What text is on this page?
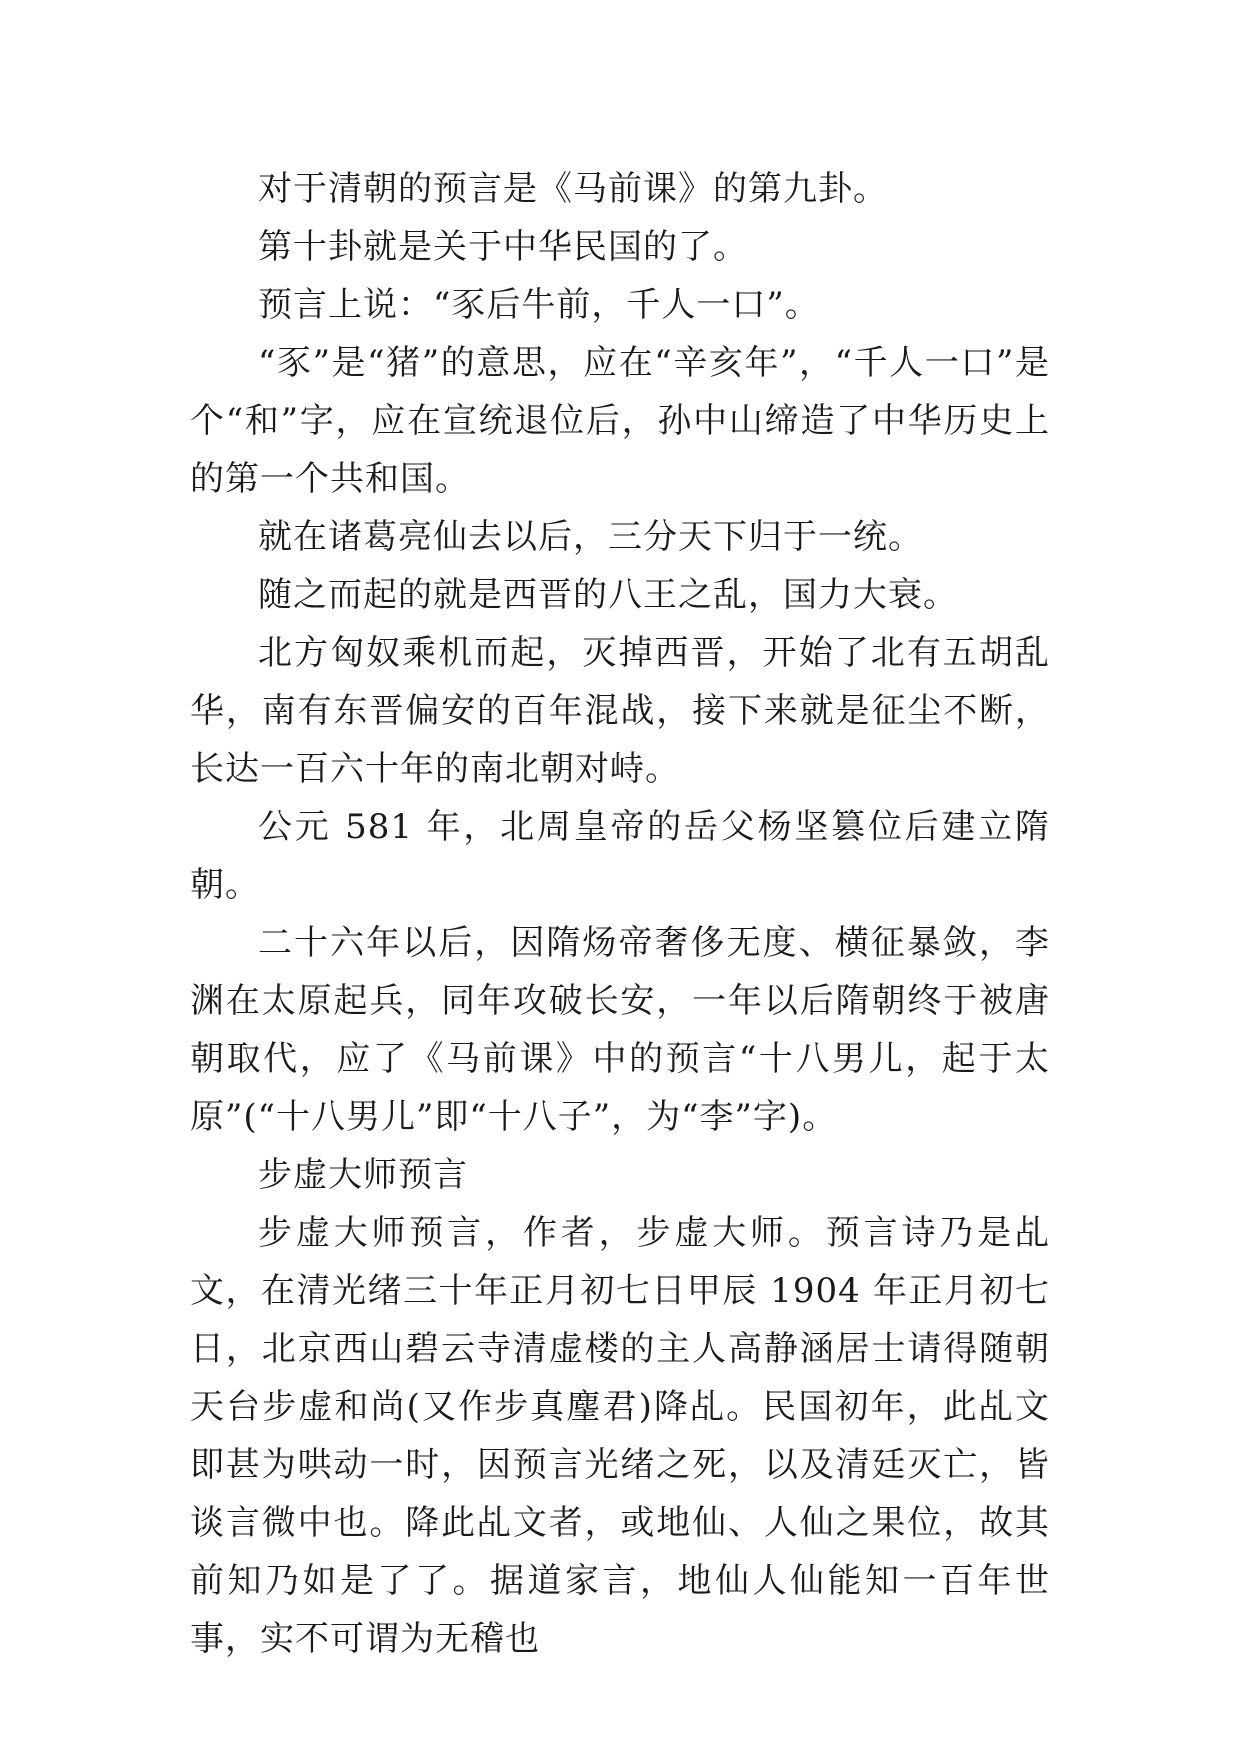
对于清朝的预言是《马前课》的第九卦。

第十卦就是关于中华民国的了。

预言上说：“豕后牛前，千人一口”。

“豕”是“猪”的意思，应在“辛亥年”，“千人一口”是个“和”字，应在宣统退位后，孙中山缔造了中华历史上的第一个共和国。

就在诸葛亮仙去以后，三分天下归于一统。

随之而起的就是西晋的八王之乱，国力大衰。

北方匈奴乘机而起，灭掉西晋，开始了北有五胡乱华，南有东晋偏安的百年混战，接下来就是征尘不断，长达一百六十年的南北朝对峙。

公元 581 年，北周皇帝的岳父杨坚篡位后建立隋朝。

二十六年以后，因隋炀帝奢侈无度、横征暴敛，李渊在太原起兵，同年攻破长安，一年以后隋朝终于被唐朝取代，应了《马前课》中的预言“十八男儿，起于太原”(“十八男儿”即“十八子”，为“李”字)。

步虚大师预言

步虚大师预言，作者，步虚大师。预言诗乃是乩文，在清光绪三十年正月初七日甲辰 1904 年正月初七日，北京西山碧云寺清虚楼的主人高静涵居士请得随朝天台步虚和尚(又作步真麈君)降乩。民国初年，此乩文即甚为哄动一时，因预言光绪之死，以及清廷灭亡，皆谈言微中也。降此乩文者，或地仙、人仙之果位，故其前知乃如是了了。据道家言，地仙人仙能知一百年世事，实不可谓为无稽也
